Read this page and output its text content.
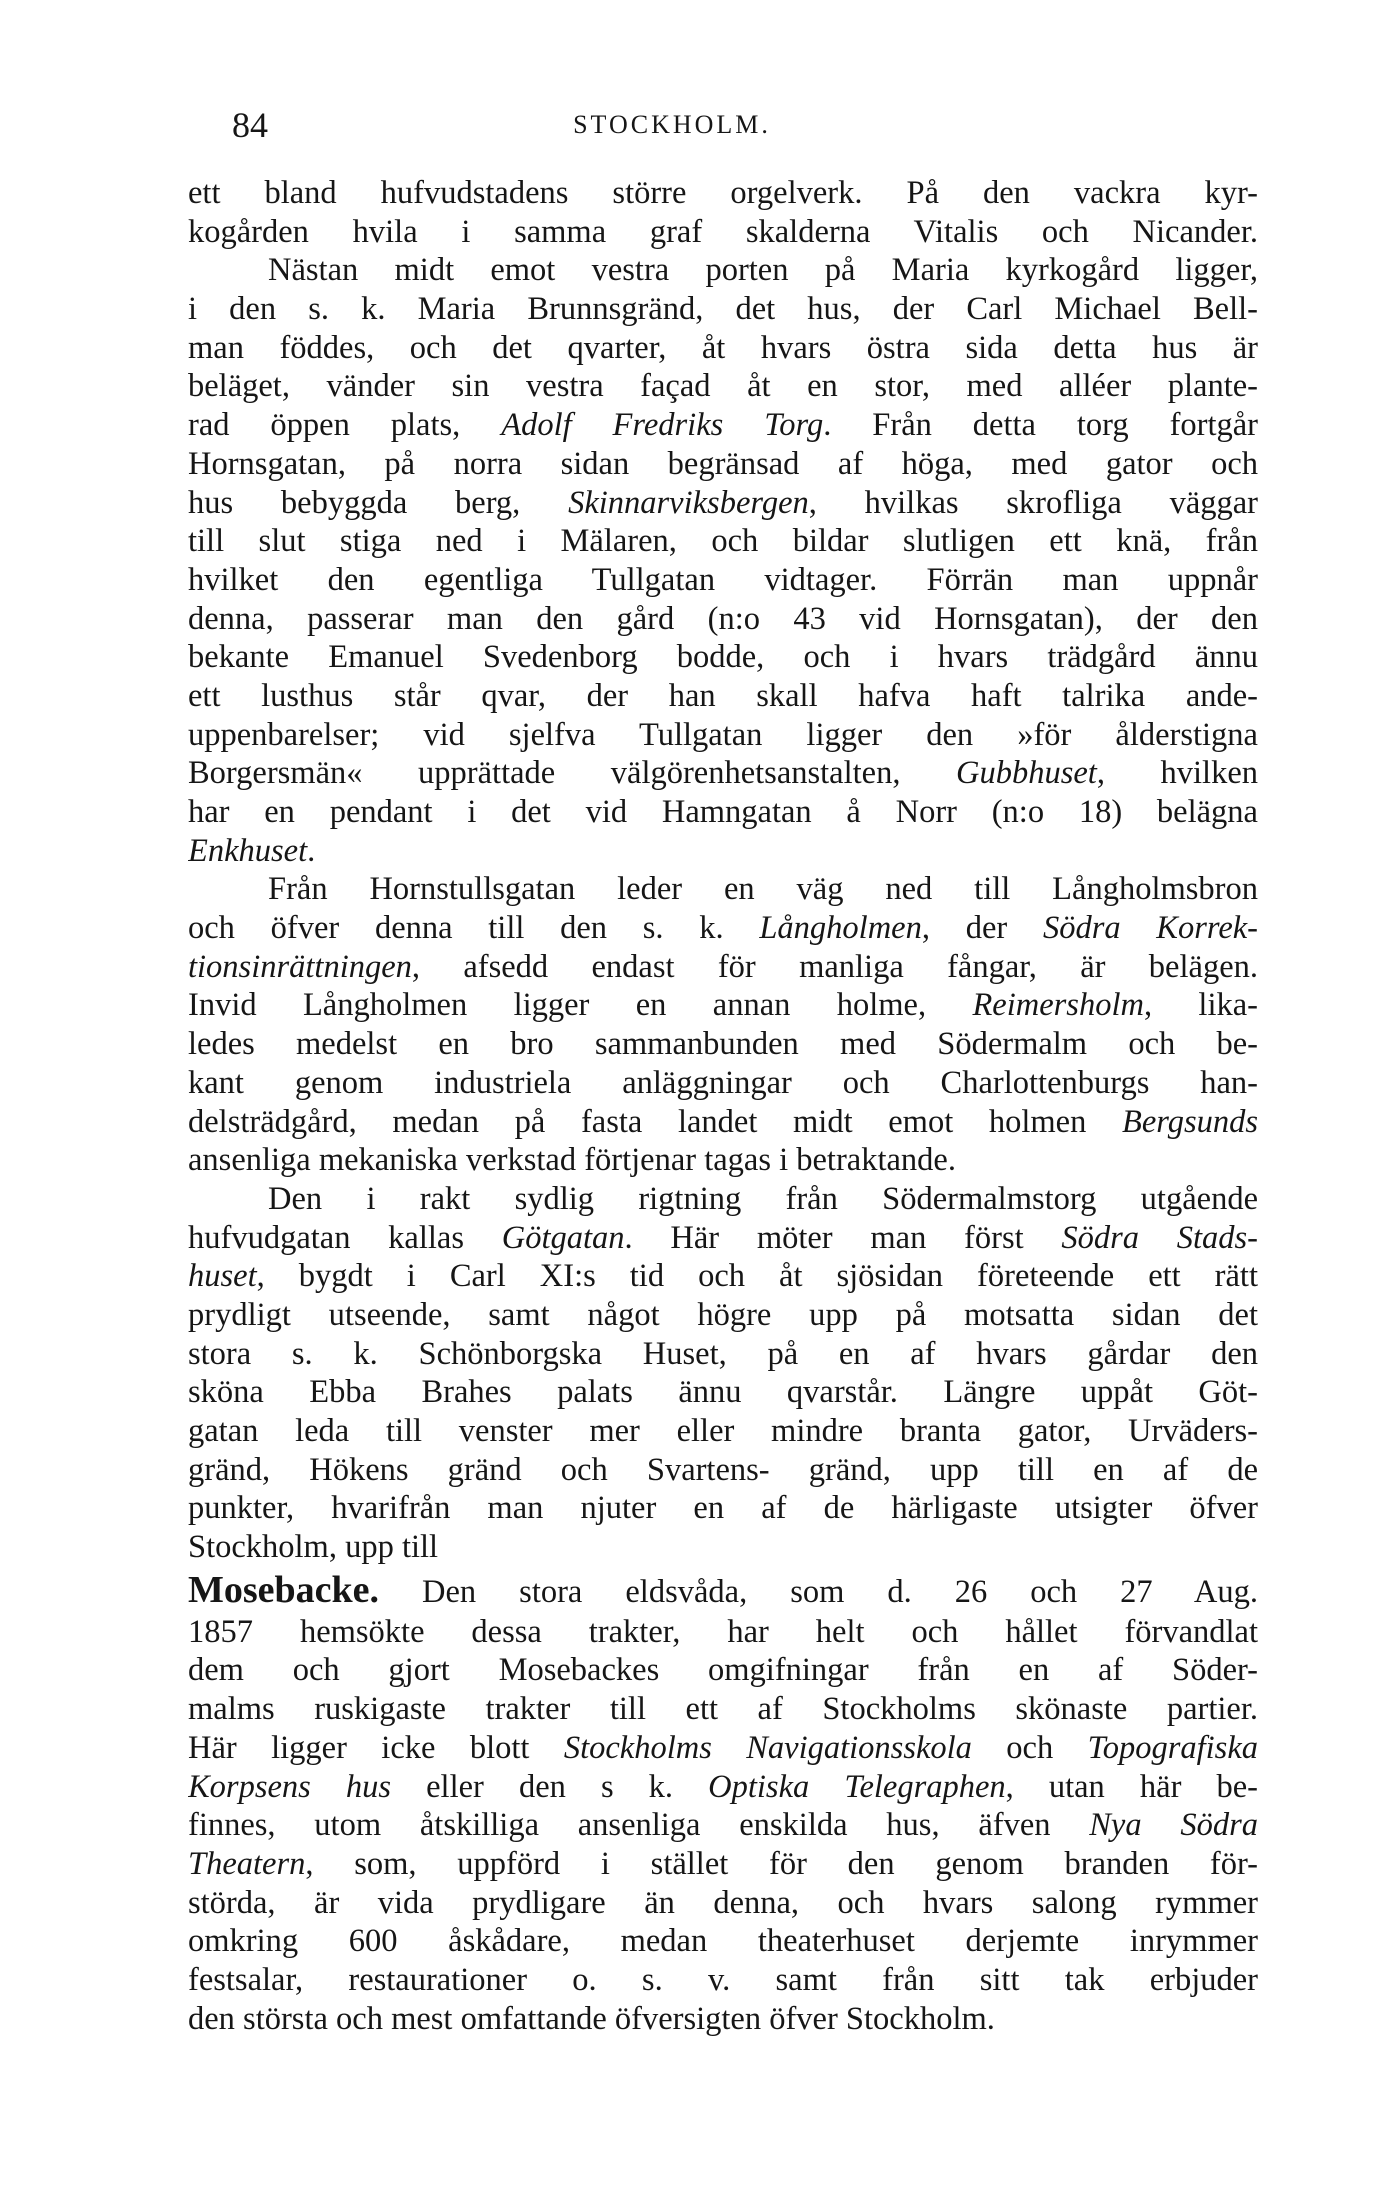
84	STOCKHOLM.
ett bland hufvudstadens större orgelverk. På den vackra kyr-
kogården hvila i samma graf skalderna Vitalis och Nicander.
Nästan midt emot vestra porten på Maria kyrkogård ligger,
i den s. k. Maria Brunnsgränd, det hus, der Carl Michael Bell-
man föddes, och det qvarter, åt hvars östra sida detta hus är
beläget, vänder sin vestra façad åt en stor, med alléer plante-
rad öppen plats, Adolf Fredriks Torg. Från detta torg fortgår
Hornsgatan, på norra sidan begränsad af höga, med gator och
hus bebyggda berg, Skinnarviksbergen, hvilkas skrofliga väggar
till slut stiga ned i Mälaren, och bildar slutligen ett knä, från
hvilket den egentliga Tullgatan vidtager. Förrän man uppnår
denna, passerar man den gård (n:o 43 vid Hornsgatan), der den
bekante Emanuel Svedenborg bodde, och i hvars trädgård ännu
ett lusthus står qvar, der han skall hafva haft talrika ande-
uppenbarelser; vid sjelfva Tullgatan ligger den »för ålderstigna
Borgersmän« upprättade välgörenhetsanstalten, Gubbhuset, hvilken
har en pendant i det vid Hamngatan å Norr (n:o 18) belägna
Enkhuset.
Från Hornstullsgatan leder en väg ned till Långholmsbron
och öfver denna till den s. k. Långholmen, der Södra Korrek-
tionsinrättningen, afsedd endast för manliga fångar, är belägen.
Invid Långholmen ligger en annan holme, Reimersholm, lika-
ledes medelst en bro sammanbunden med Södermalm och be-
kant genom industriela anläggningar och Charlottenburgs han-
delsträdgård, medan på fasta landet midt emot holmen Bergsunds
ansenliga mekaniska verkstad förtjenar tagas i betraktande.
Den i rakt sydlig rigtning från Södermalmstorg utgående
hufvudgatan kallas Götgatan. Här möter man först Södra Stads-
huset, bygdt i Carl XI:s tid och åt sjösidan företeende ett rätt
prydligt utseende, samt något högre upp på motsatta sidan det
stora s. k. Schönborgska Huset, på en af hvars gårdar den
sköna Ebba Brahes palats ännu qvarstår. Längre uppåt Göt-
gatan leda till venster mer eller mindre branta gator, Urväders-
gränd, Hökens gränd och Svartens- gränd, upp till en af de
punkter, hvarifrån man njuter en af de härligaste utsigter öfver
Stockholm, upp till
Mosebacke. Den stora eldsvåda, som d. 26 och 27 Aug.
1857 hemsökte dessa trakter, har helt och hållet förvandlat
dem och gjort Mosebackes omgifningar från en af Söder-
malms ruskigaste trakter till ett af Stockholms skönaste partier.
Här ligger icke blott Stockholms Navigationsskola och Topografiska
Korpsens hus eller den s k. Optiska Telegraphen, utan här be-
finnes, utom åtskilliga ansenliga enskilda hus, äfven Nya Södra
Theatern, som, uppförd i stället för den genom branden för-
störda, är vida prydligare än denna, och hvars salong rymmer
omkring 600 åskådare, medan theaterhuset derjemte inrymmer
festsalar, restaurationer o. s. v. samt från sitt tak erbjuder
den största och mest omfattande öfversigten öfver Stockholm.
